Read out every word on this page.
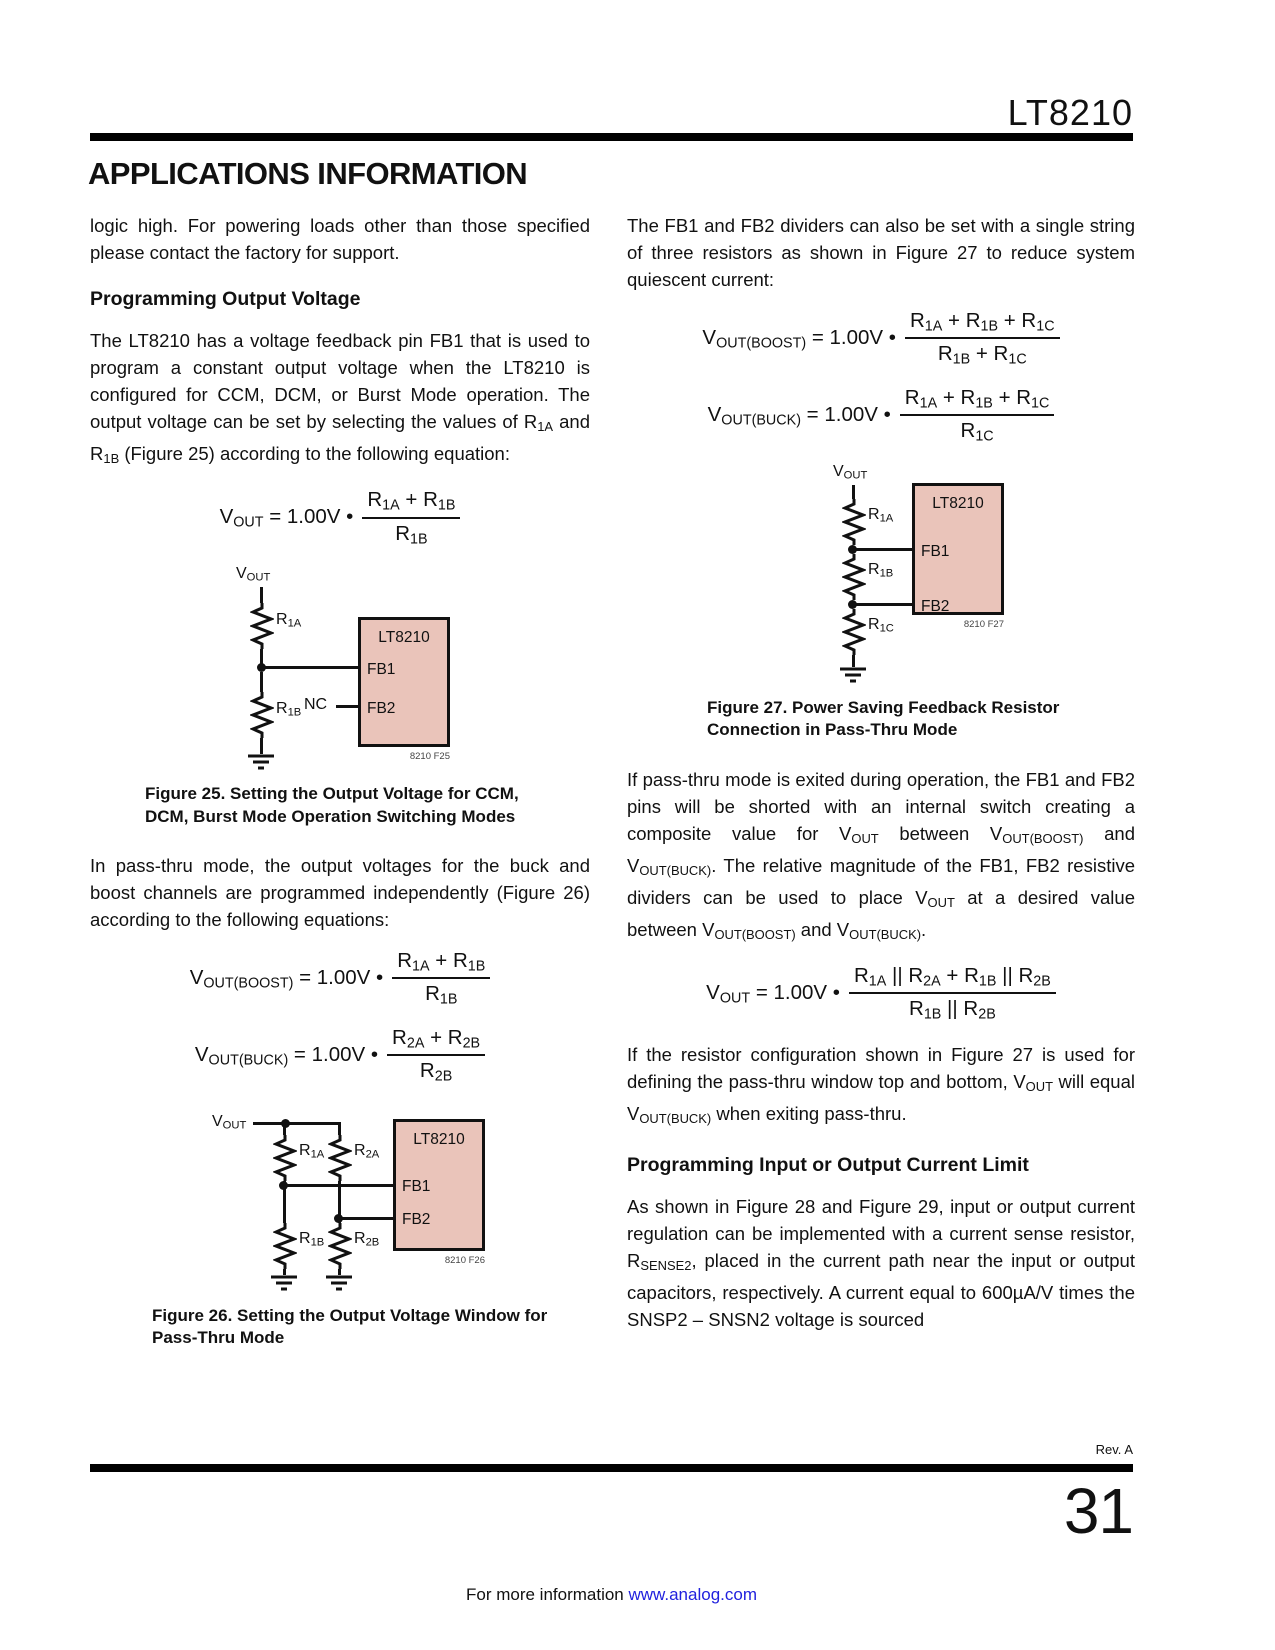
LT8210
APPLICATIONS INFORMATION

logic high. For powering loads other than those specified please contact the factory for support.

Programming Output Voltage

The LT8210 has a voltage feedback pin FB1 that is used to program a constant output voltage when the LT8210 is configured for CCM, DCM, or Burst Mode operation. The output voltage can be set by selecting the values of $R_{1A}$ and $R_{1B}$ (Figure 25) according to the following equation:

$V_{OUT} = 1.00V$ • $\frac{R_{1A} + R_{1B}}{R_{1B}}$
$V_{OUT}$
$R_{1A}$
$R_{1B}$ NC
LT8210
FB1
FB2
8210 F25
Figure 25. Setting the Output Voltage for CCM, DCM, Burst Mode Operation Switching Modes

In pass-thru mode, the output voltages for the buck and boost channels are programmed independently (Figure 26) according to the following equations:

$V_{OUT(BOOST)} = 1.00V$ • $\frac{R_{1A} + R_{1B}}{R_{1B}}$
$V_{OUT(BUCK)} = 1.00V$ • $\frac{R_{2A} + R_{2B}}{R_{2B}}$
$V_{OUT}$
$R_{1A}$
$R_{1B}$
$R_{2A}$
$R_{2B}$
LT8210
FB1
FB2
8210 F26
Figure 26. Setting the Output Voltage Window for Pass-Thru Mode

The FB1 and FB2 dividers can also be set with a single string of three resistors as shown in Figure 27 to reduce system quiescent current:

$V_{OUT(BOOST)} = 1.00V$ • $\frac{R_{1A} + R_{1B} + R_{1C}}{R_{1B} + R_{1C}}$
$V_{OUT(BUCK)} = 1.00V$ • $\frac{R_{1A} + R_{1B} + R_{1C}}{R_{1C}}$
$V_{OUT}$
$R_{1A}$
$R_{1B}$
$R_{1C}$
LT8210
FB1
FB2
8210 F27
Figure 27. Power Saving Feedback Resistor Connection in Pass-Thru Mode

If pass-thru mode is exited during operation, the FB1 and FB2 pins will be shorted with an internal switch creating a composite value for $V_{OUT}$ between $V_{OUT(BOOST)}$ and $V_{OUT(BUCK)}$. The relative magnitude of the FB1, FB2 resistive dividers can be used to place $V_{OUT}$ at a desired value between $V_{OUT(BOOST)}$ and $V_{OUT(BUCK)}$.

$V_{OUT} = 1.00V$ • $\frac{R_{1A} || R_{2A} + R_{1B} || R_{2B}}{R_{1B} || R_{2B}}$

If the resistor configuration shown in Figure 27 is used for defining the pass-thru window top and bottom, $V_{OUT}$ will equal $V_{OUT(BUCK)}$ when exiting pass-thru.

Programming Input or Output Current Limit

As shown in Figure 28 and Figure 29, input or output current regulation can be implemented with a current sense resistor, $R_{SENSE2}$, placed in the current path near the input or output capacitors, respectively. A current equal to 600µA/V times the SNSP2 – SNSN2 voltage is sourced

Rev. A
31
For more information www.analog.com
